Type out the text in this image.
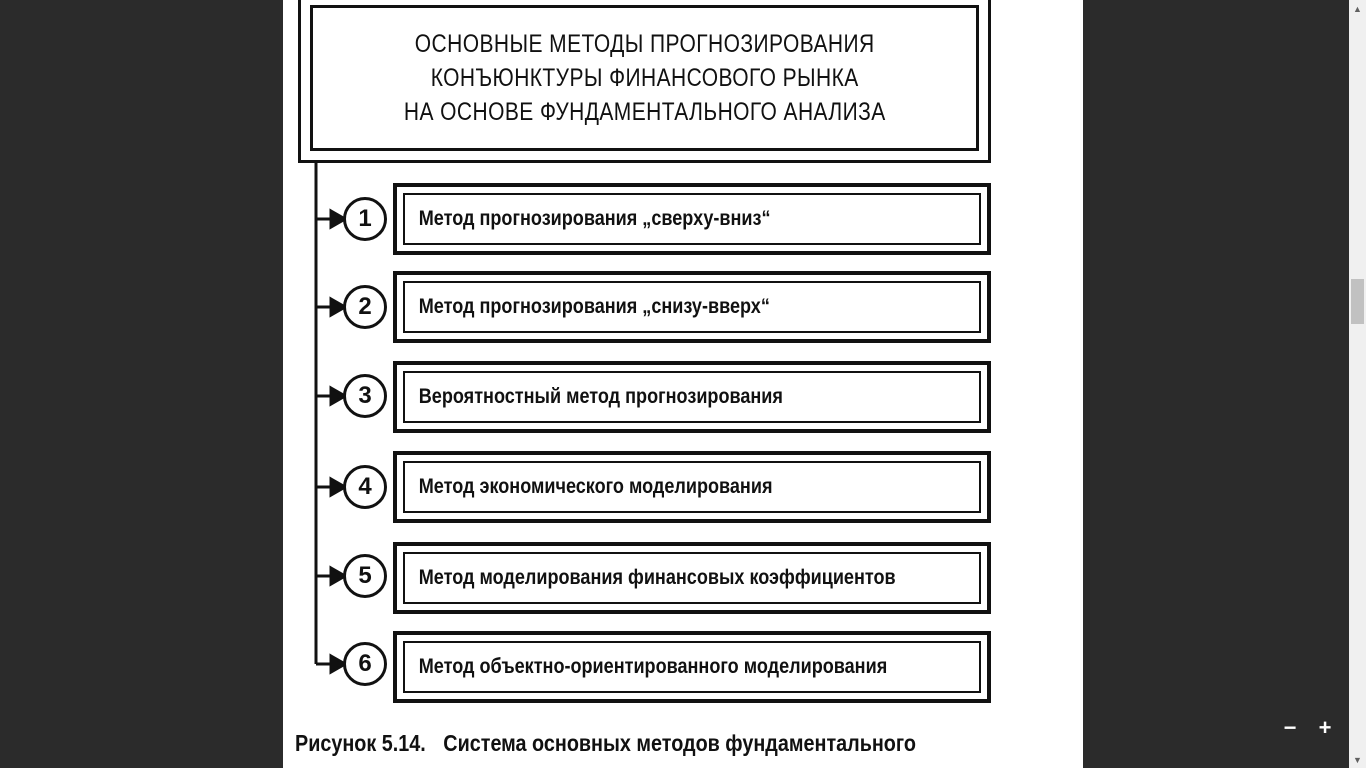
ОСНОВНЫЕ МЕТОДЫ ПРОГНОЗИРОВАНИЯ
КОНЪЮНКТУРЫ ФИНАНСОВОГО РЫНКА
НА ОСНОВЕ ФУНДАМЕНТАЛЬНОГО АНАЛИЗА
1	Метод прогнозирования „сверху-вниз“
2	Метод прогнозирования „снизу-вверх“
3	Вероятностный метод прогнозирования
4	Метод экономического моделирования
5	Метод моделирования финансовых коэффициентов
6	Метод объектно-ориентированного моделирования
Рисунок 5.14. Система основных методов фундаментального
▲
▼
− +
